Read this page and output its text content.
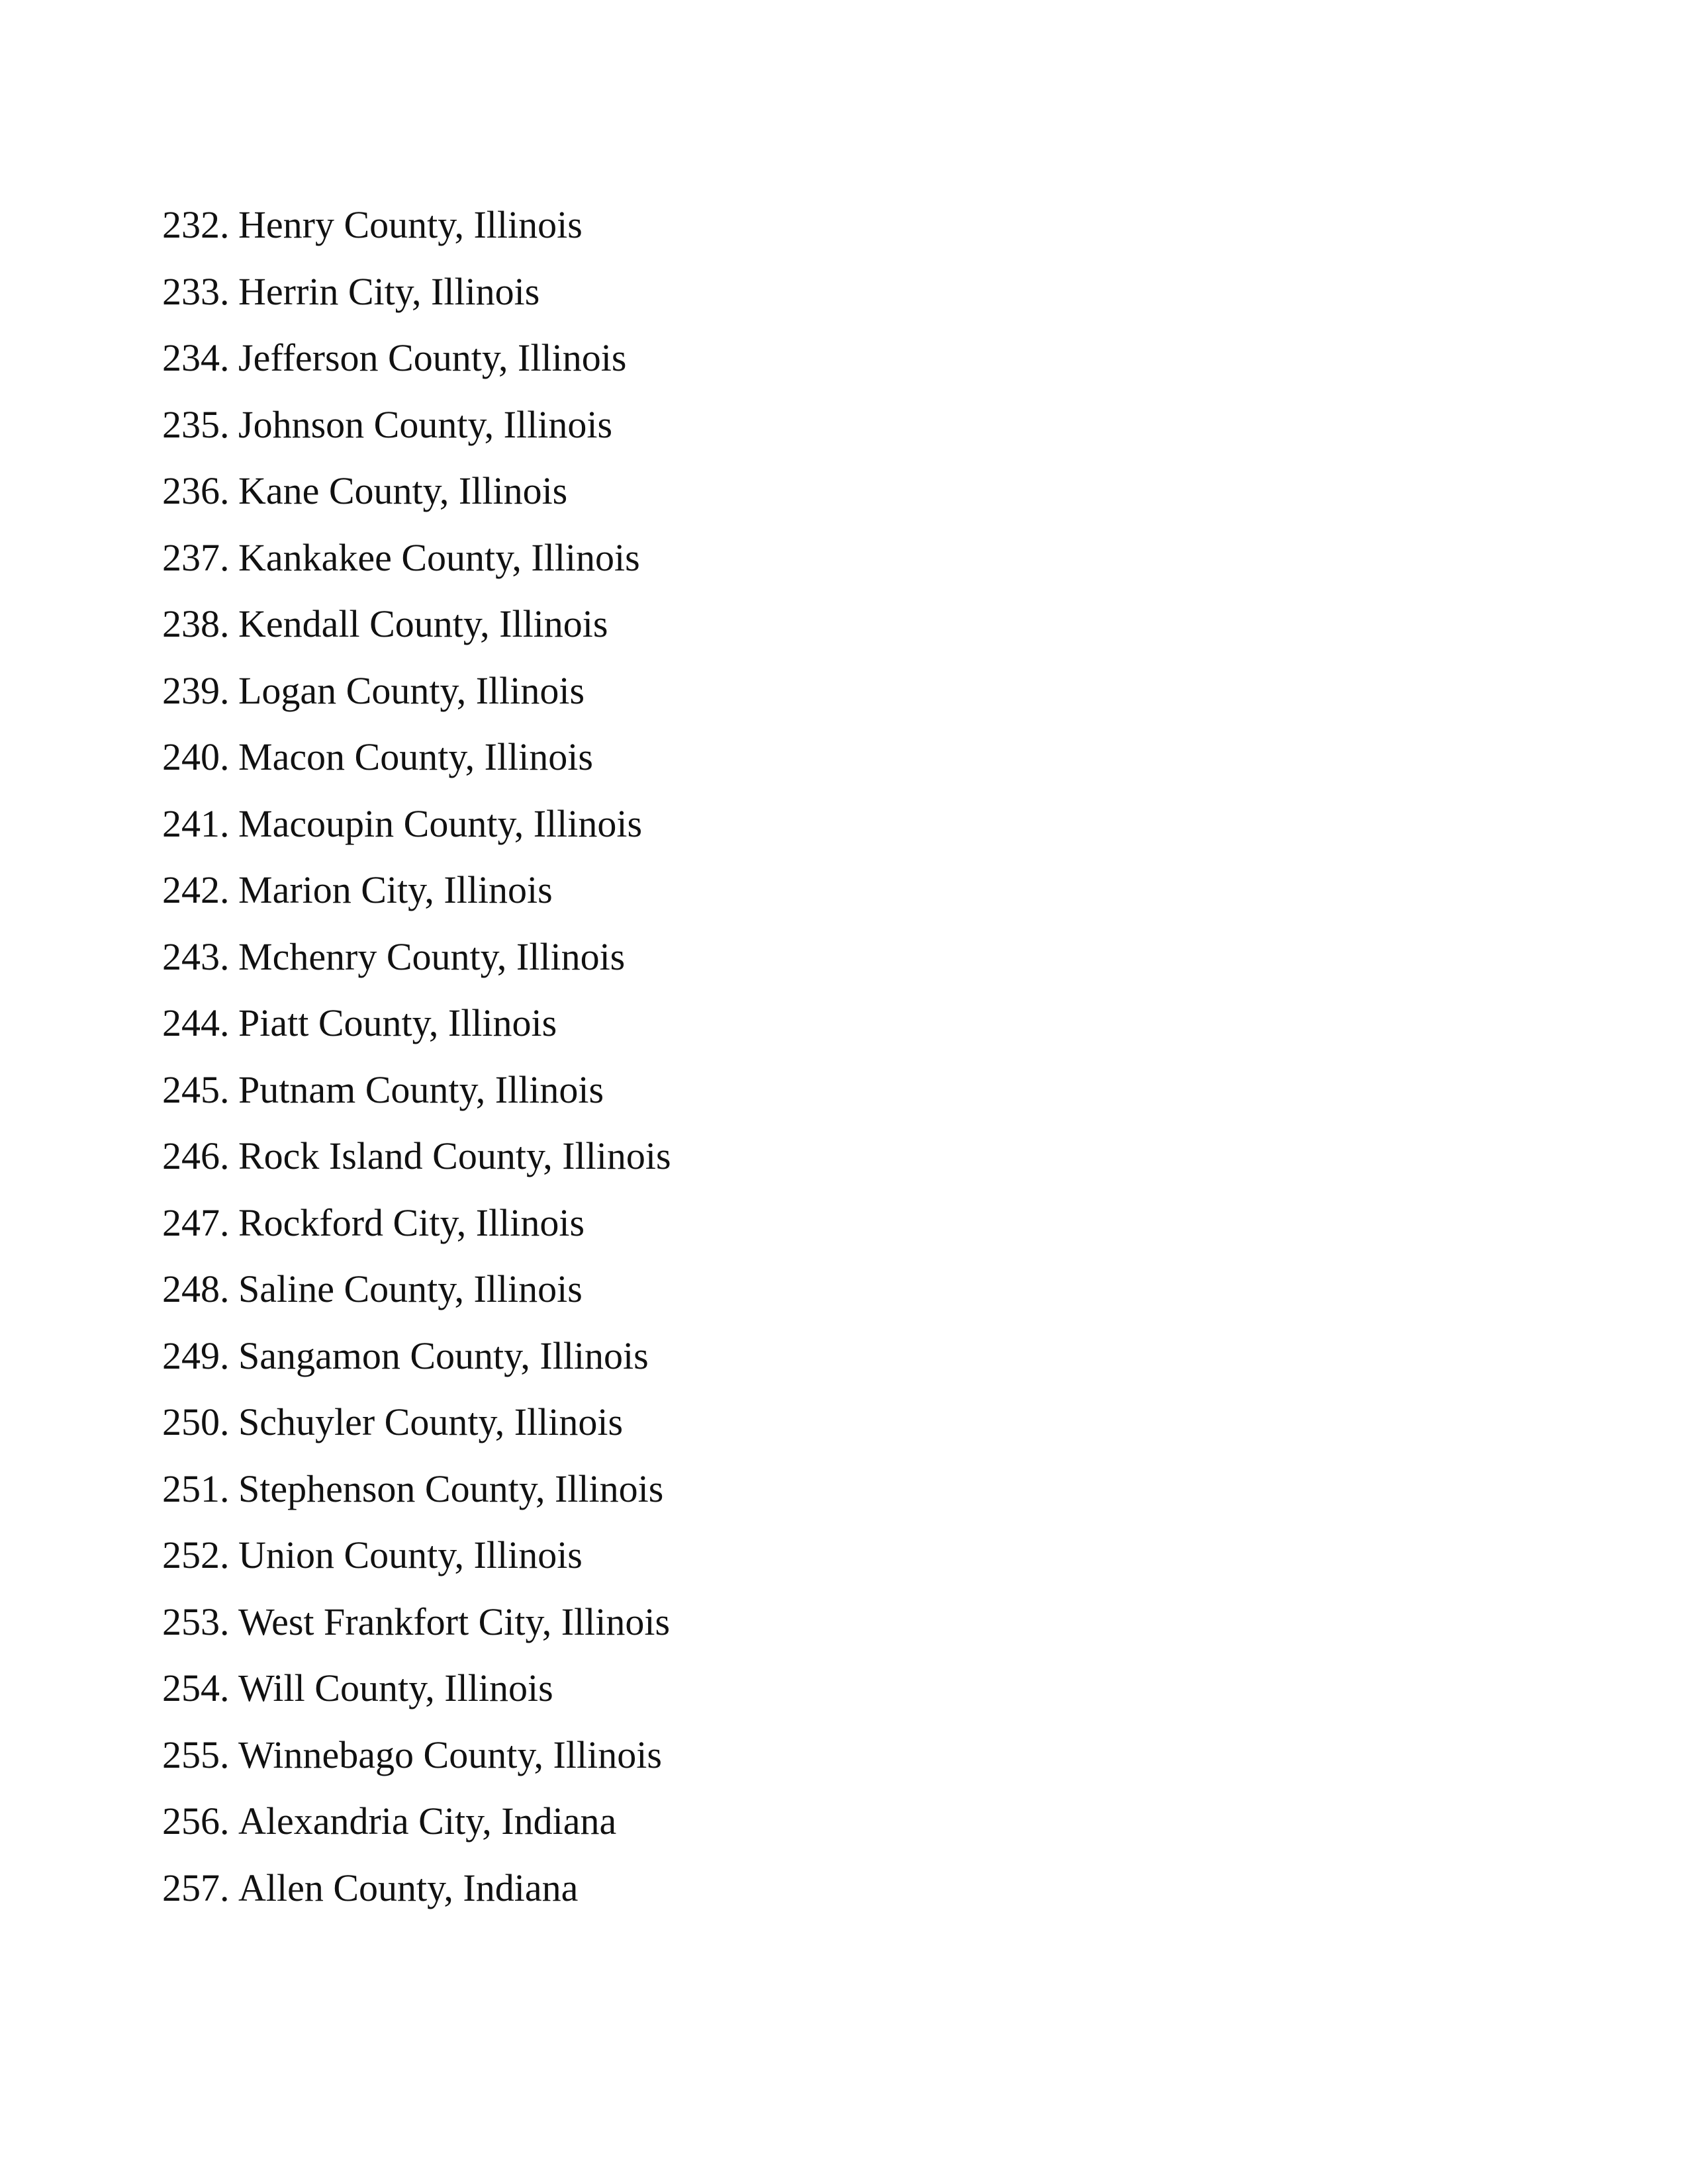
232. Henry County, Illinois
233. Herrin City, Illinois
234. Jefferson County, Illinois
235. Johnson County, Illinois
236. Kane County, Illinois
237. Kankakee County, Illinois
238. Kendall County, Illinois
239. Logan County, Illinois
240. Macon County, Illinois
241. Macoupin County, Illinois
242. Marion City, Illinois
243. Mchenry County, Illinois
244. Piatt County, Illinois
245. Putnam County, Illinois
246. Rock Island County, Illinois
247. Rockford City, Illinois
248. Saline County, Illinois
249. Sangamon County, Illinois
250. Schuyler County, Illinois
251. Stephenson County, Illinois
252. Union County, Illinois
253. West Frankfort City, Illinois
254. Will County, Illinois
255. Winnebago County, Illinois
256. Alexandria City, Indiana
257. Allen County, Indiana
